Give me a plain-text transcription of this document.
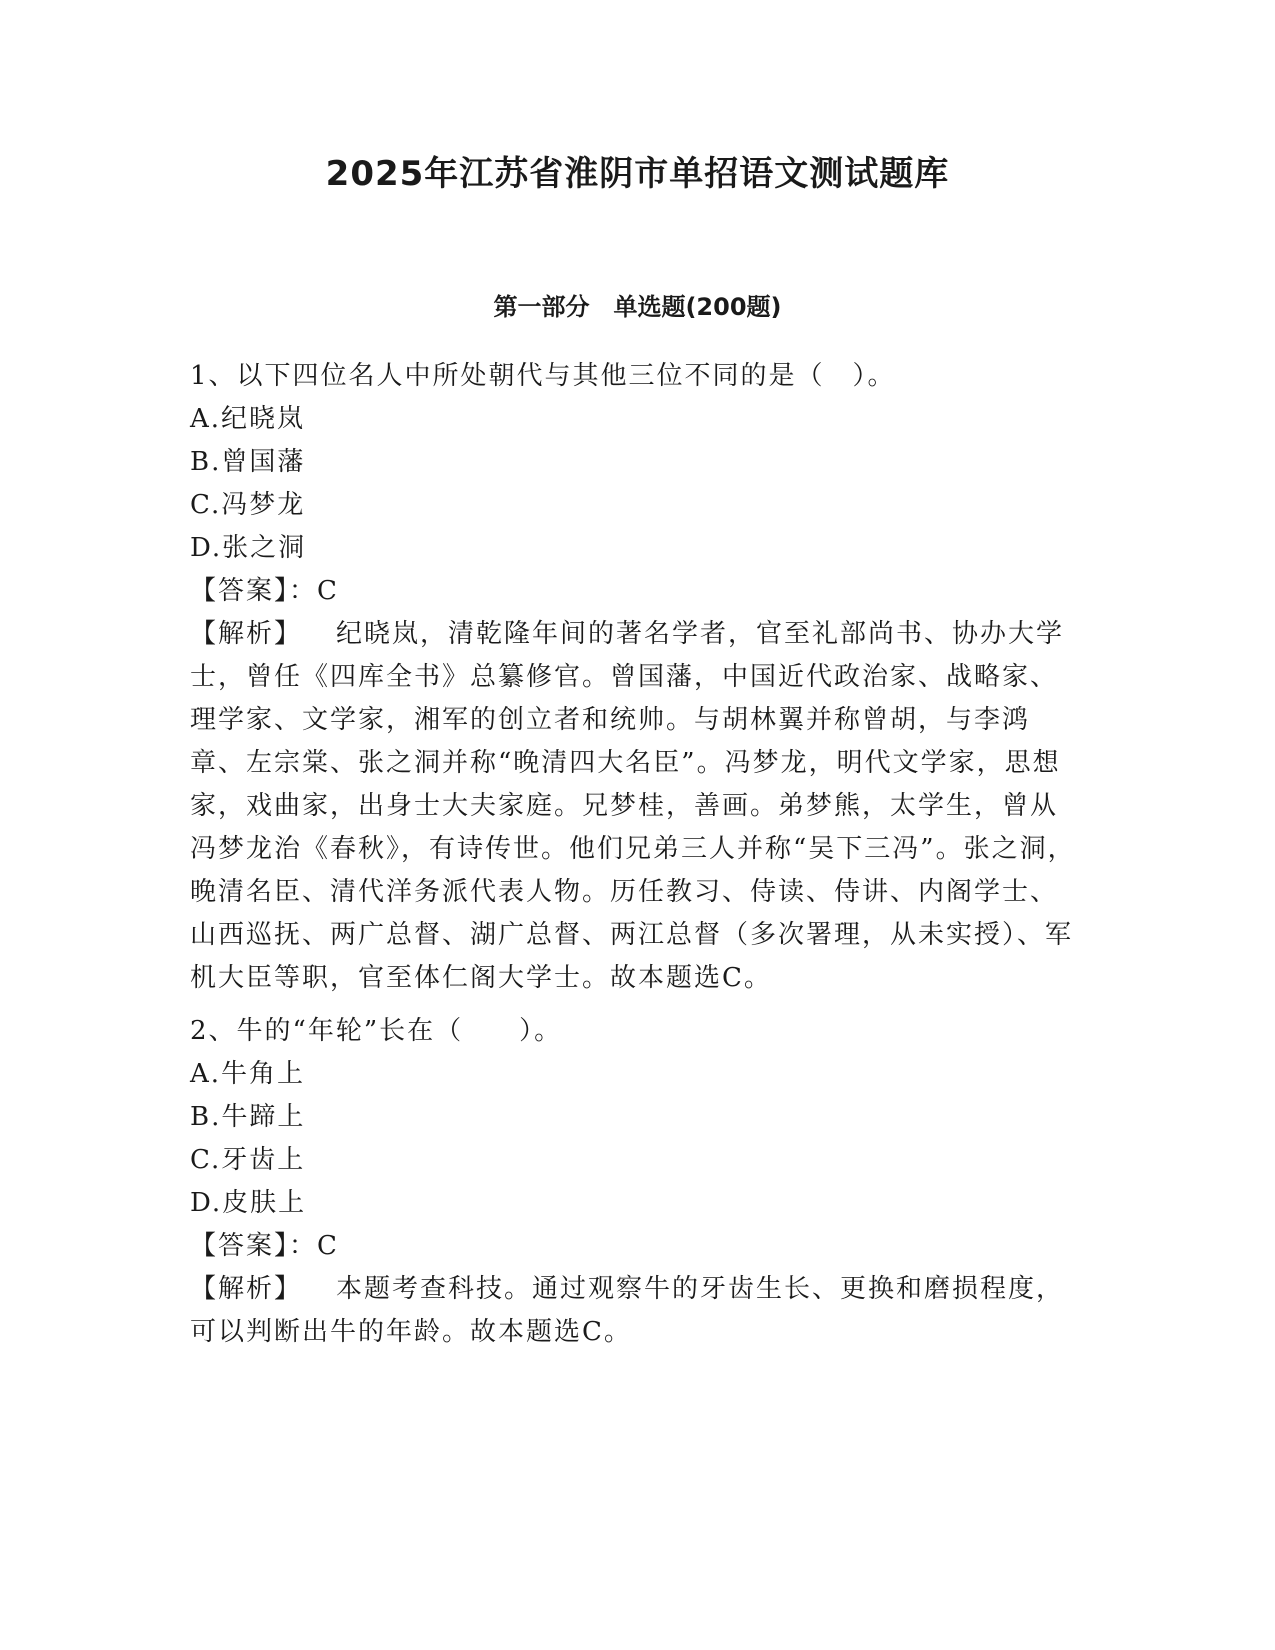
2025年江苏省淮阴市单招语文测试题库
第一部分　单选题(200题)

1、以下四位名人中所处朝代与其他三位不同的是（　）。

A.纪晓岚

B.曾国藩

C.冯梦龙

D.张之洞

【答案】：C

【解析】 纪晓岚，清乾隆年间的著名学者，官至礼部尚书、协办大学士，曾任《四库全书》总纂修官。曾国藩，中国近代政治家、战略家、理学家、文学家，湘军的创立者和统帅。与胡林翼并称曾胡，与李鸿章、左宗棠、张之洞并称“晚清四大名臣”。冯梦龙，明代文学家，思想家，戏曲家，出身士大夫家庭。兄梦桂，善画。弟梦熊，太学生，曾从冯梦龙治《春秋》，有诗传世。他们兄弟三人并称“吴下三冯”。张之洞，晚清名臣、清代洋务派代表人物。历任教习、侍读、侍讲、内阁学士、山西巡抚、两广总督、湖广总督、两江总督（多次署理，从未实授）、军机大臣等职，官至体仁阁大学士。故本题选C。

2、牛的“年轮”长在（　　）。

A.牛角上

B.牛蹄上

C.牙齿上

D.皮肤上

【答案】：C

【解析】 本题考查科技。通过观察牛的牙齿生长、更换和磨损程度，可以判断出牛的年龄。故本题选C。
